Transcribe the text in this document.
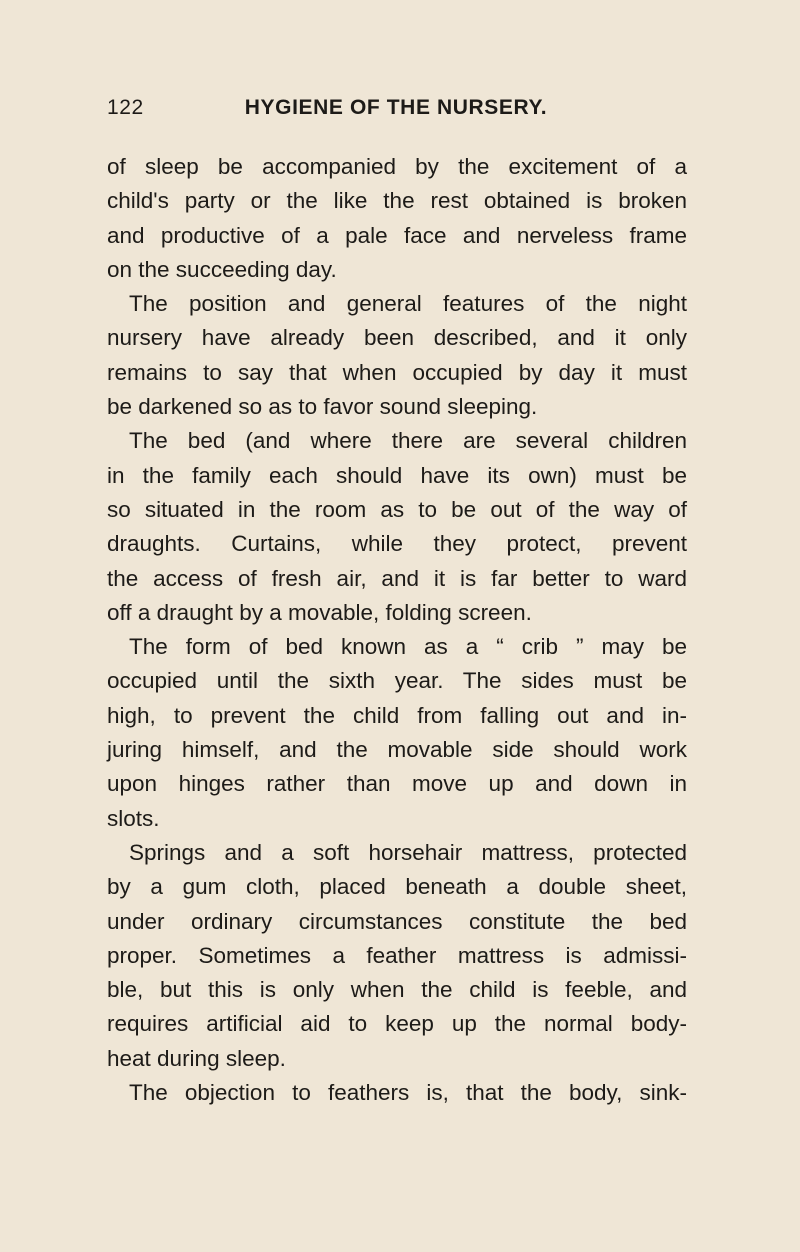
122	HYGIENE OF THE NURSERY.
of sleep be accompanied by the excitement of a
child's party or the like the rest obtained is broken
and productive of a pale face and nerveless frame
on the succeeding day.
The position and general features of the night
nursery have already been described, and it only
remains to say that when occupied by day it must
be darkened so as to favor sound sleeping.
The bed (and where there are several children
in the family each should have its own) must be
so situated in the room as to be out of the way of
draughts. Curtains, while they protect, prevent
the access of fresh air, and it is far better to ward
off a draught by a movable, folding screen.
The form of bed known as a “ crib ” may be
occupied until the sixth year. The sides must be
high, to prevent the child from falling out and in-
juring himself, and the movable side should work
upon hinges rather than move up and down in
slots.
Springs and a soft horsehair mattress, protected
by a gum cloth, placed beneath a double sheet,
under ordinary circumstances constitute the bed
proper. Sometimes a feather mattress is admissi-
ble, but this is only when the child is feeble, and
requires artificial aid to keep up the normal body-
heat during sleep.
The objection to feathers is, that the body, sink-
